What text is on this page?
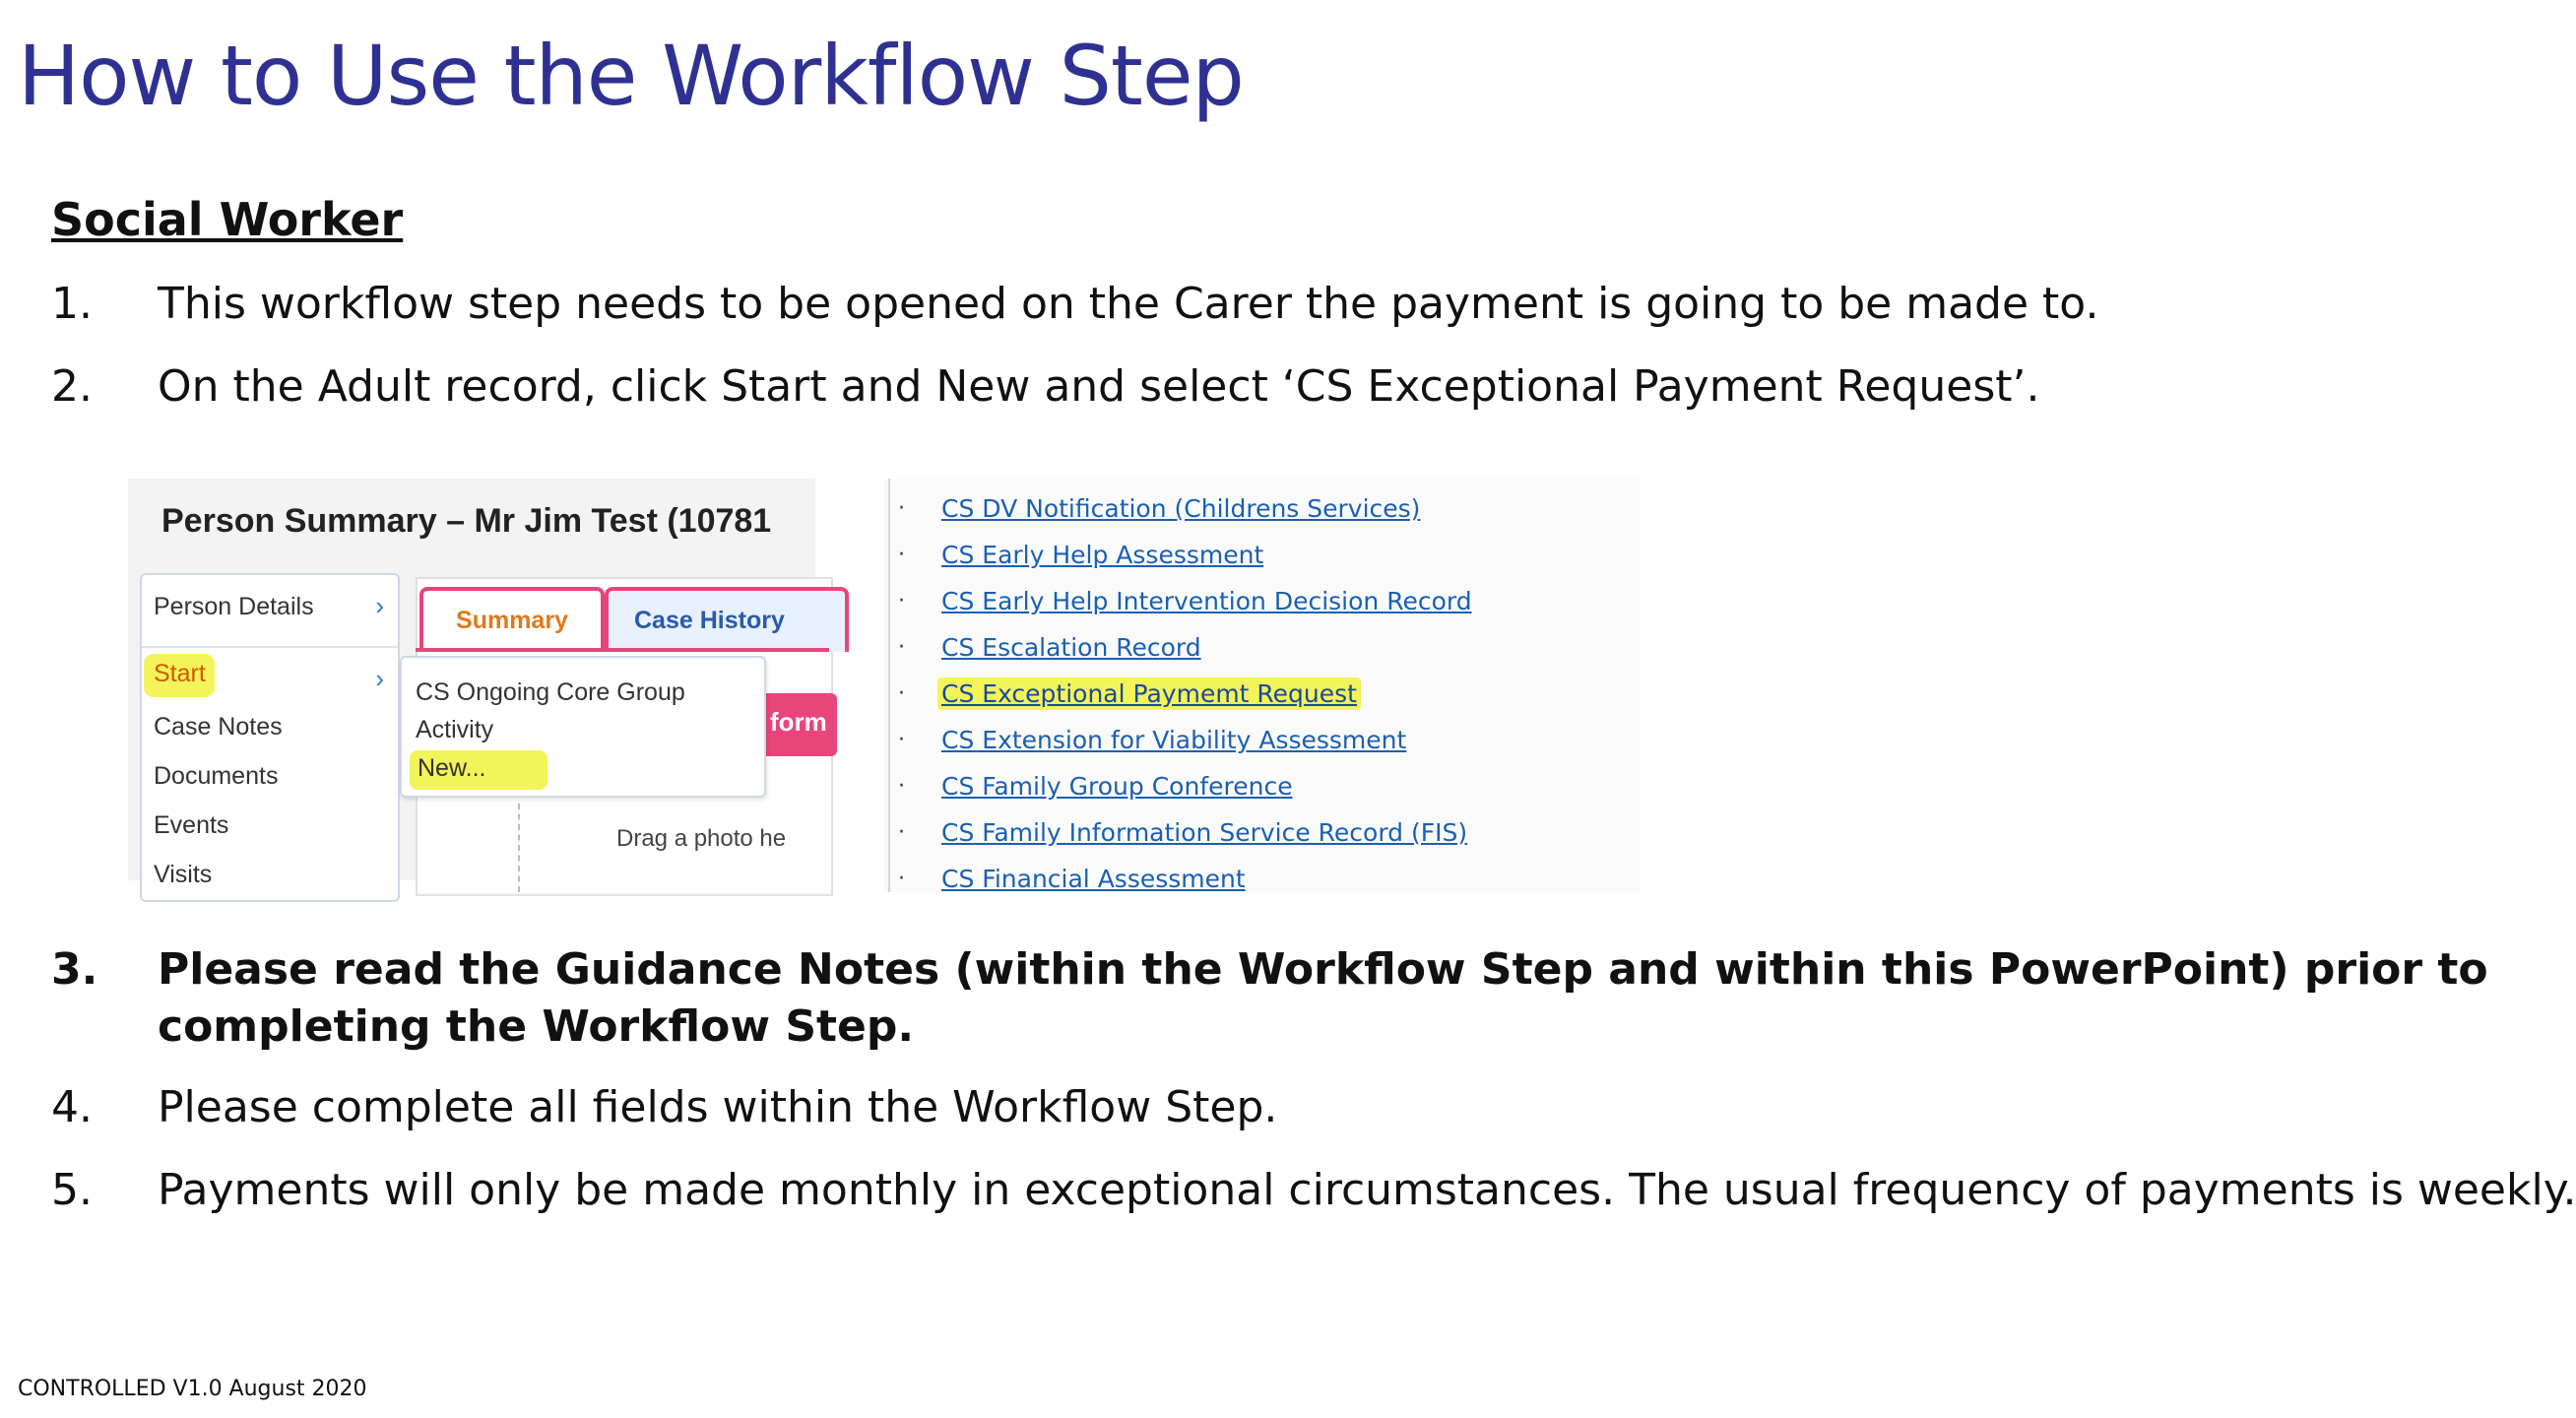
How to Use the Workflow Step
Social Worker
1.	This workflow step needs to be opened on the Carer the payment is going to be made to.
2.	On the Adult record, click Start and New and select ‘CS Exceptional Payment Request’.
Person Summary – Mr Jim Test (10781
Summary	Case History
form
Person Details ›
›
Case Notes
Documents
Events
Visits
Start
CS Ongoing Core Group Activity
New...
Drag a photo he
· CS DV Notification (Childrens Services)
· CS Early Help Assessment
· CS Early Help Intervention Decision Record
· CS Escalation Record
· CS Exceptional Paymemt Request
· CS Extension for Viability Assessment
· CS Family Group Conference
· CS Family Information Service Record (FIS)
· CS Financial Assessment
3.	Please read the Guidance Notes (within the Workflow Step and within this PowerPoint) prior to completing the Workflow Step.
4.	Please complete all fields within the Workflow Step.
5.	Payments will only be made monthly in exceptional circumstances. The usual frequency of payments is weekly.
CONTROLLED V1.0 August 2020
